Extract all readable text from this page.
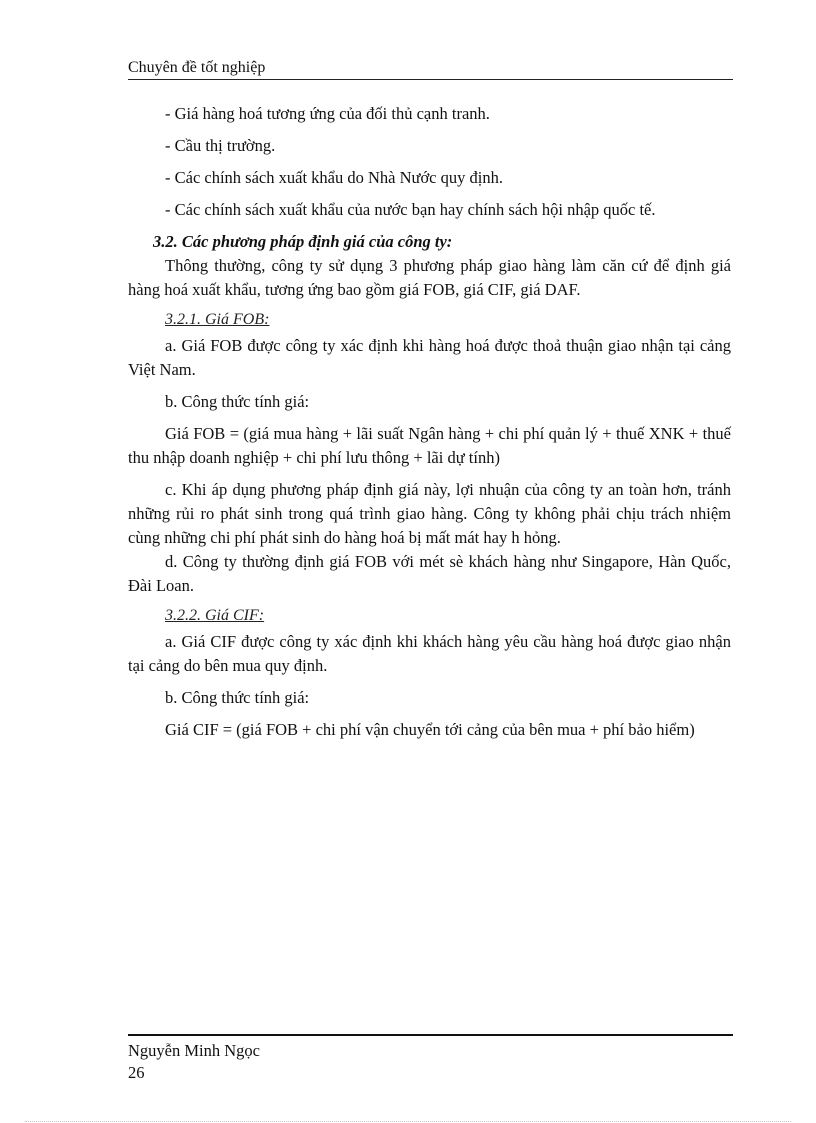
Chuyên đề tốt nghiệp

- Giá hàng hoá tương ứng của đối thủ cạnh tranh.

- Cầu thị trường.

- Các chính sách xuất khẩu do Nhà Nước quy định.

- Các chính sách xuất khẩu của nước bạn hay chính sách hội nhập quốc tế.

3.2. Các phương pháp định giá của công ty:

Thông thường, công ty sử dụng 3 phương pháp giao hàng làm căn cứ để định giá hàng hoá xuất khẩu, tương ứng bao gồm giá FOB, giá CIF, giá DAF.

3.2.1. Giá FOB:

a. Giá FOB được công ty xác định khi hàng hoá được thoả thuận giao nhận tại cảng Việt Nam.

b. Công thức tính giá:

Giá FOB = (giá mua hàng + lãi suất Ngân hàng + chi phí quản lý + thuế XNK + thuế thu nhập doanh nghiệp + chi phí lưu thông + lãi dự tính)

c. Khi áp dụng phương pháp định giá này, lợi nhuận của công ty an toàn hơn, tránh những rủi ro phát sinh trong quá trình giao hàng. Công ty không phải chịu trách nhiệm cùng những chi phí phát sinh do hàng hoá bị mất mát hay h hỏng.

d. Công ty thường định giá FOB với mét sè khách hàng như Singapore, Hàn Quốc, Đài Loan.

3.2.2. Giá CIF:

a. Giá CIF được công ty xác định khi khách hàng yêu cầu hàng hoá được giao nhận tại cảng do bên mua quy định.

b. Công thức tính giá:

Giá CIF = (giá FOB + chi phí vận chuyển tới cảng của bên mua + phí bảo hiểm)

Nguyễn Minh Ngọc
26
